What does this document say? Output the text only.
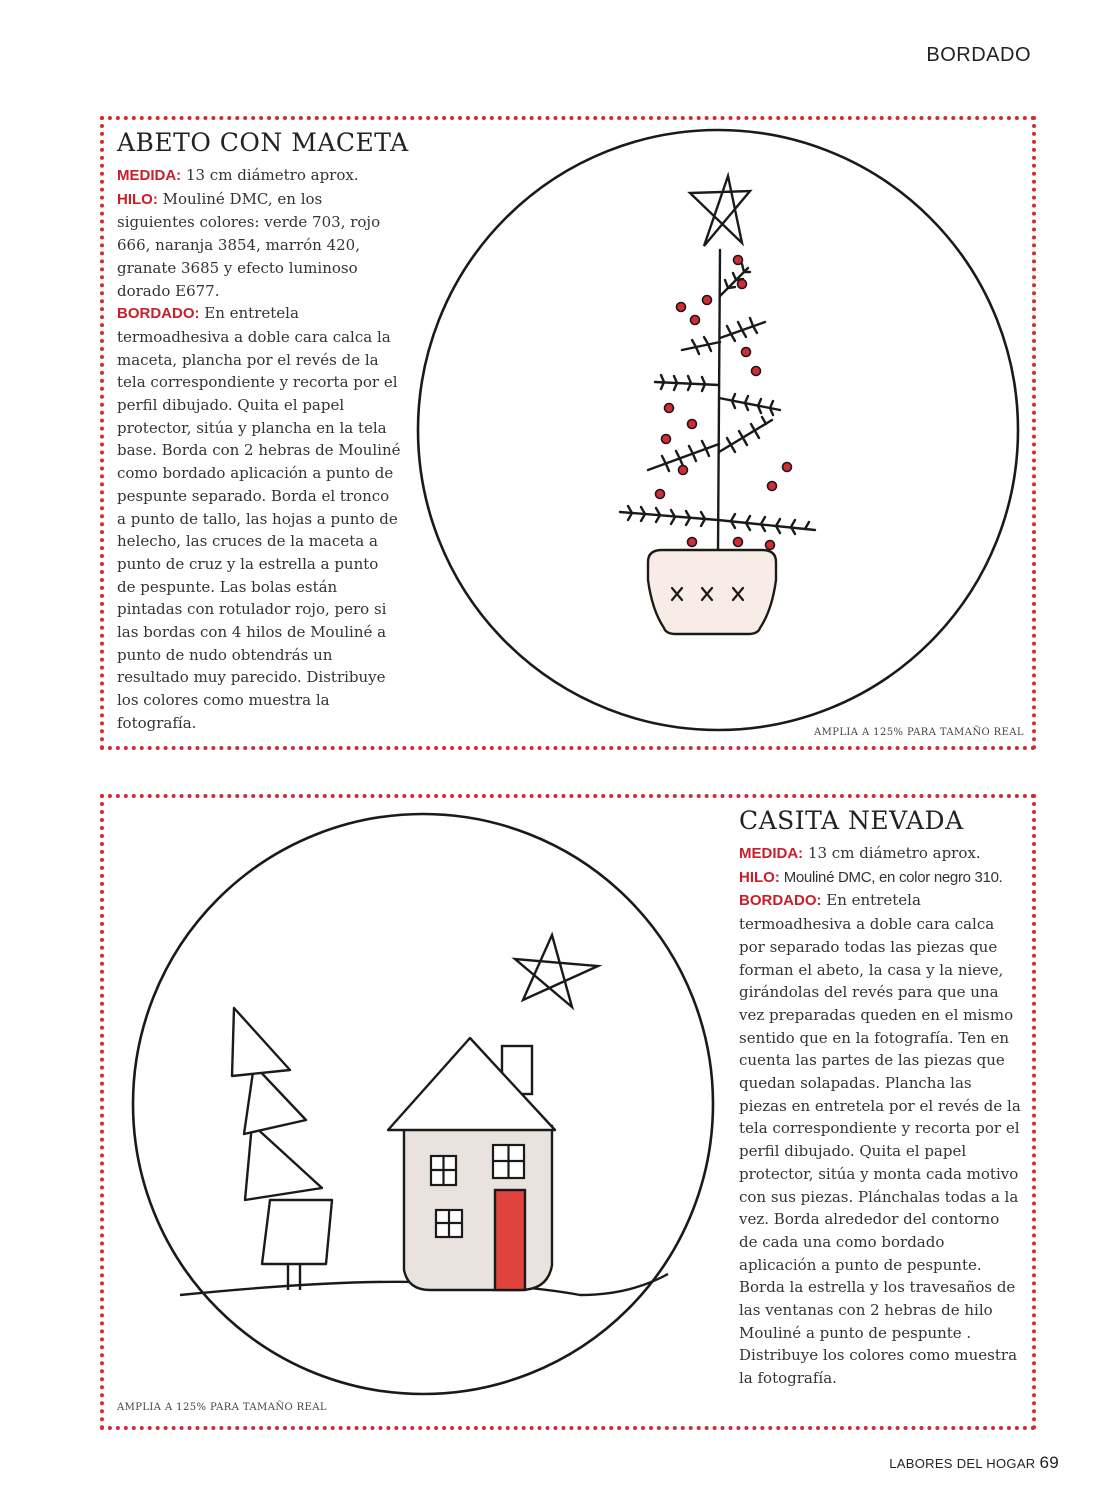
BORDADO
ABETO CON MACETA

MEDIDA: 13 cm diámetro aprox.

HILO: Mouliné DMC, en los siguientes colores: verde 703, rojo 666, naranja 3854, marrón 420, granate 3685 y efecto luminoso dorado E677.

BORDADO: En entretela termoadhesiva a doble cara calca la maceta, plancha por el revés de la tela correspondiente y recorta por el perfil dibujado. Quita el papel protector, sitúa y plancha en la tela base. Borda con 2 hebras de Mouliné como bordado aplicación a punto de pespunte separado. Borda el tronco a punto de tallo, las hojas a punto de helecho, las cruces de la maceta a punto de cruz y la estrella a punto de pespunte. Las bolas están pintadas con rotulador rojo, pero si las bordas con 4 hilos de Mouliné a punto de nudo obtendrás un resultado muy parecido. Distribuye los colores como muestra la fotografía.

CASITA NEVADA

MEDIDA: 13 cm diámetro aprox.

HILO: Mouliné DMC, en color negro 310.

BORDADO: En entretela termoadhesiva a doble cara calca por separado todas las piezas que forman el abeto, la casa y la nieve, girándolas del revés para que una vez preparadas queden en el mismo sentido que en la fotografía. Ten en cuenta las partes de las piezas que quedan solapadas. Plancha las piezas en entretela por el revés de la tela correspondiente y recorta por el perfil dibujado. Quita el papel protector, sitúa y monta cada motivo con sus piezas. Plánchalas todas a la vez. Borda alrededor del contorno de cada una como bordado aplicación a punto de pespunte. Borda la estrella y los travesaños de las ventanas con 2 hebras de hilo Mouliné a punto de pespunte . Distribuye los colores como muestra la fotografía.

AMPLIA A 125% PARA TAMAÑO REAL
AMPLIA A 125% PARA TAMAÑO REAL
LABORES DEL HOGAR 69
